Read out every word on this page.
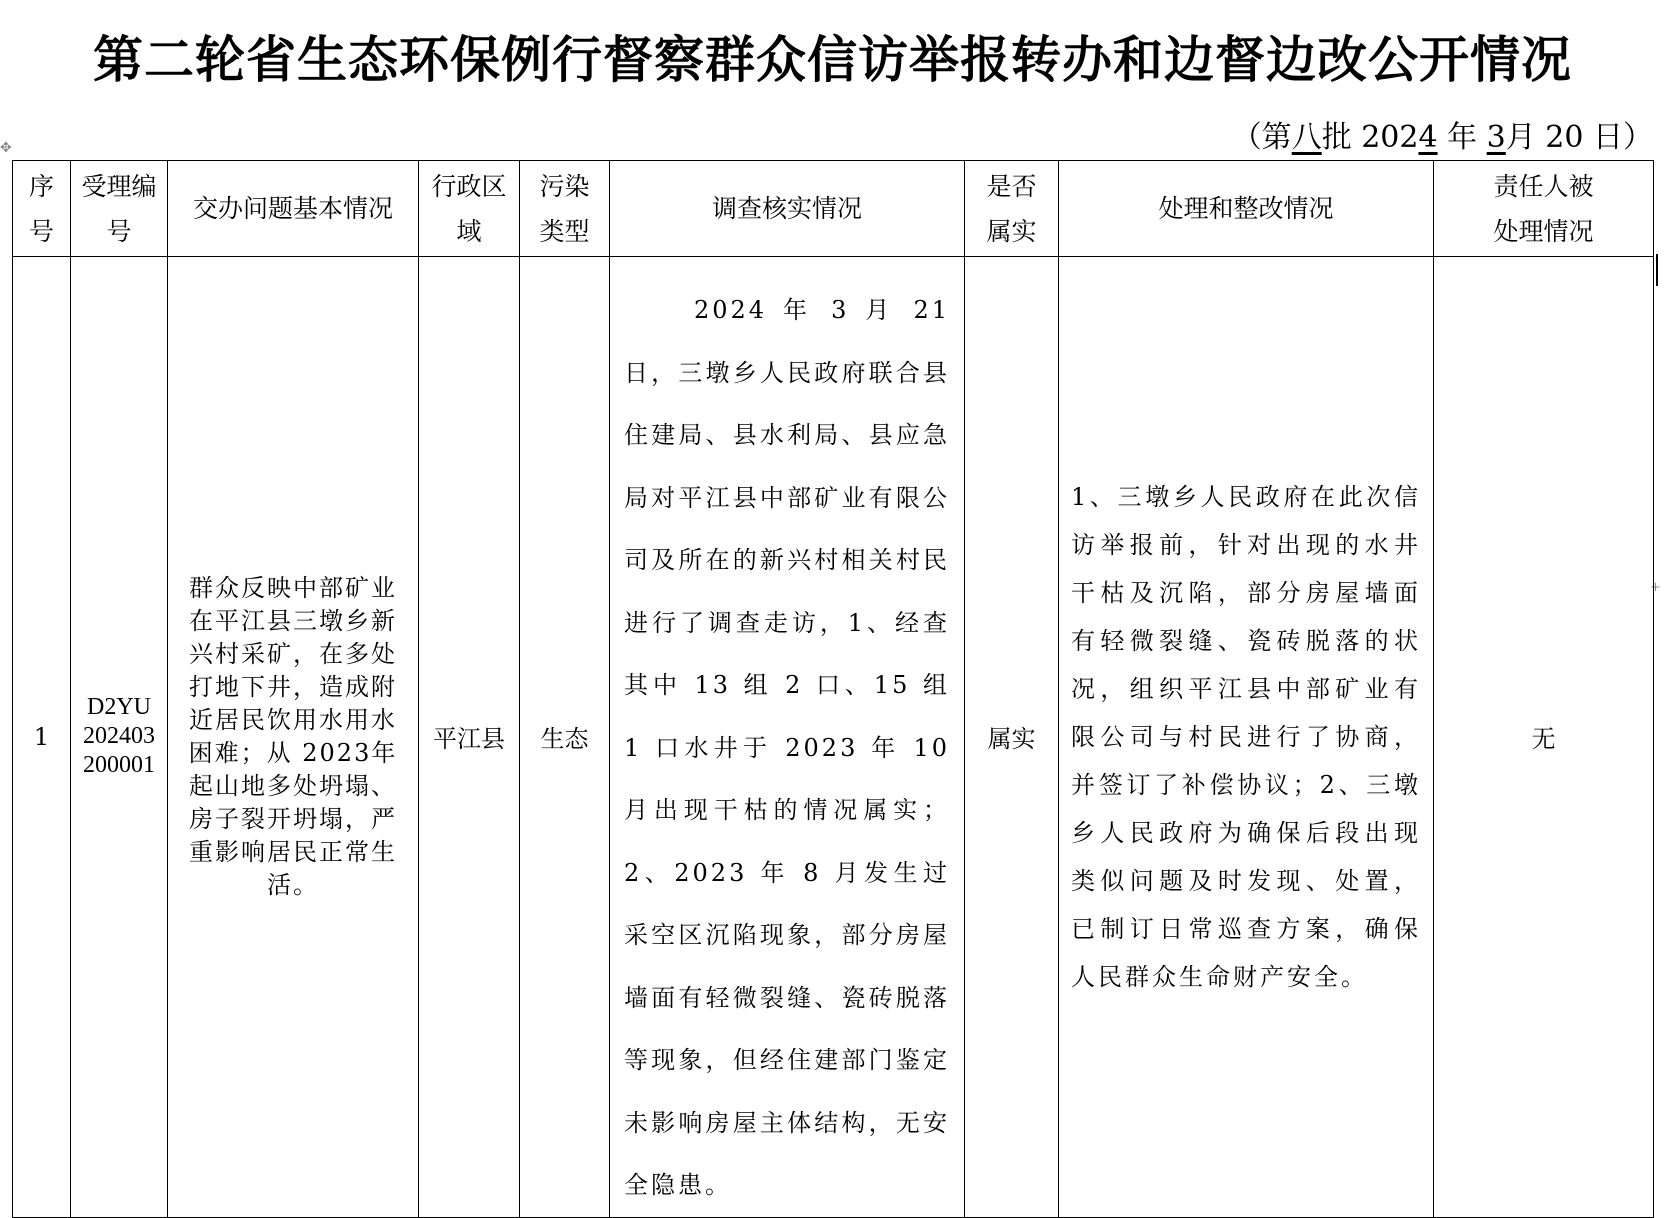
第二轮省生态环保例行督察群众信访举报转办和边督边改公开情况
（第八批 2024 年 3月 20 日）
✥
+
序号	受理编号	交办问题基本情况	行政区域	污染类型	调查核实情况	是否属实	处理和整改情况	责任人被处理情况

1	D2YU202403200001	群众反映中部矿业在平江县三墩乡新兴村采矿，在多处打地下井，造成附近居民饮用水用水困难；从 2023年起山地多处坍塌、房子裂开坍塌，严重影响居民正常生活。	平江县	生态	2024 年 3 月 21 日，三墩乡人民政府联合县住建局、县水利局、县应急局对平江县中部矿业有限公司及所在的新兴村相关村民进行了调查走访，1、经查其中 13 组 2 口、15 组 1 口水井于 2023 年 10 月出现干枯的情况属实；2、2023 年 8 月发生过采空区沉陷现象，部分房屋墙面有轻微裂缝、瓷砖脱落等现象，但经住建部门鉴定未影响房屋主体结构，无安全隐患。	属实	1、三墩乡人民政府在此次信访举报前，针对出现的水井干枯及沉陷，部分房屋墙面有轻微裂缝、瓷砖脱落的状况，组织平江县中部矿业有限公司与村民进行了协商，并签订了补偿协议；2、三墩乡人民政府为确保后段出现类似问题及时发现、处置，已制订日常巡查方案，确保人民群众生命财产安全。	无
